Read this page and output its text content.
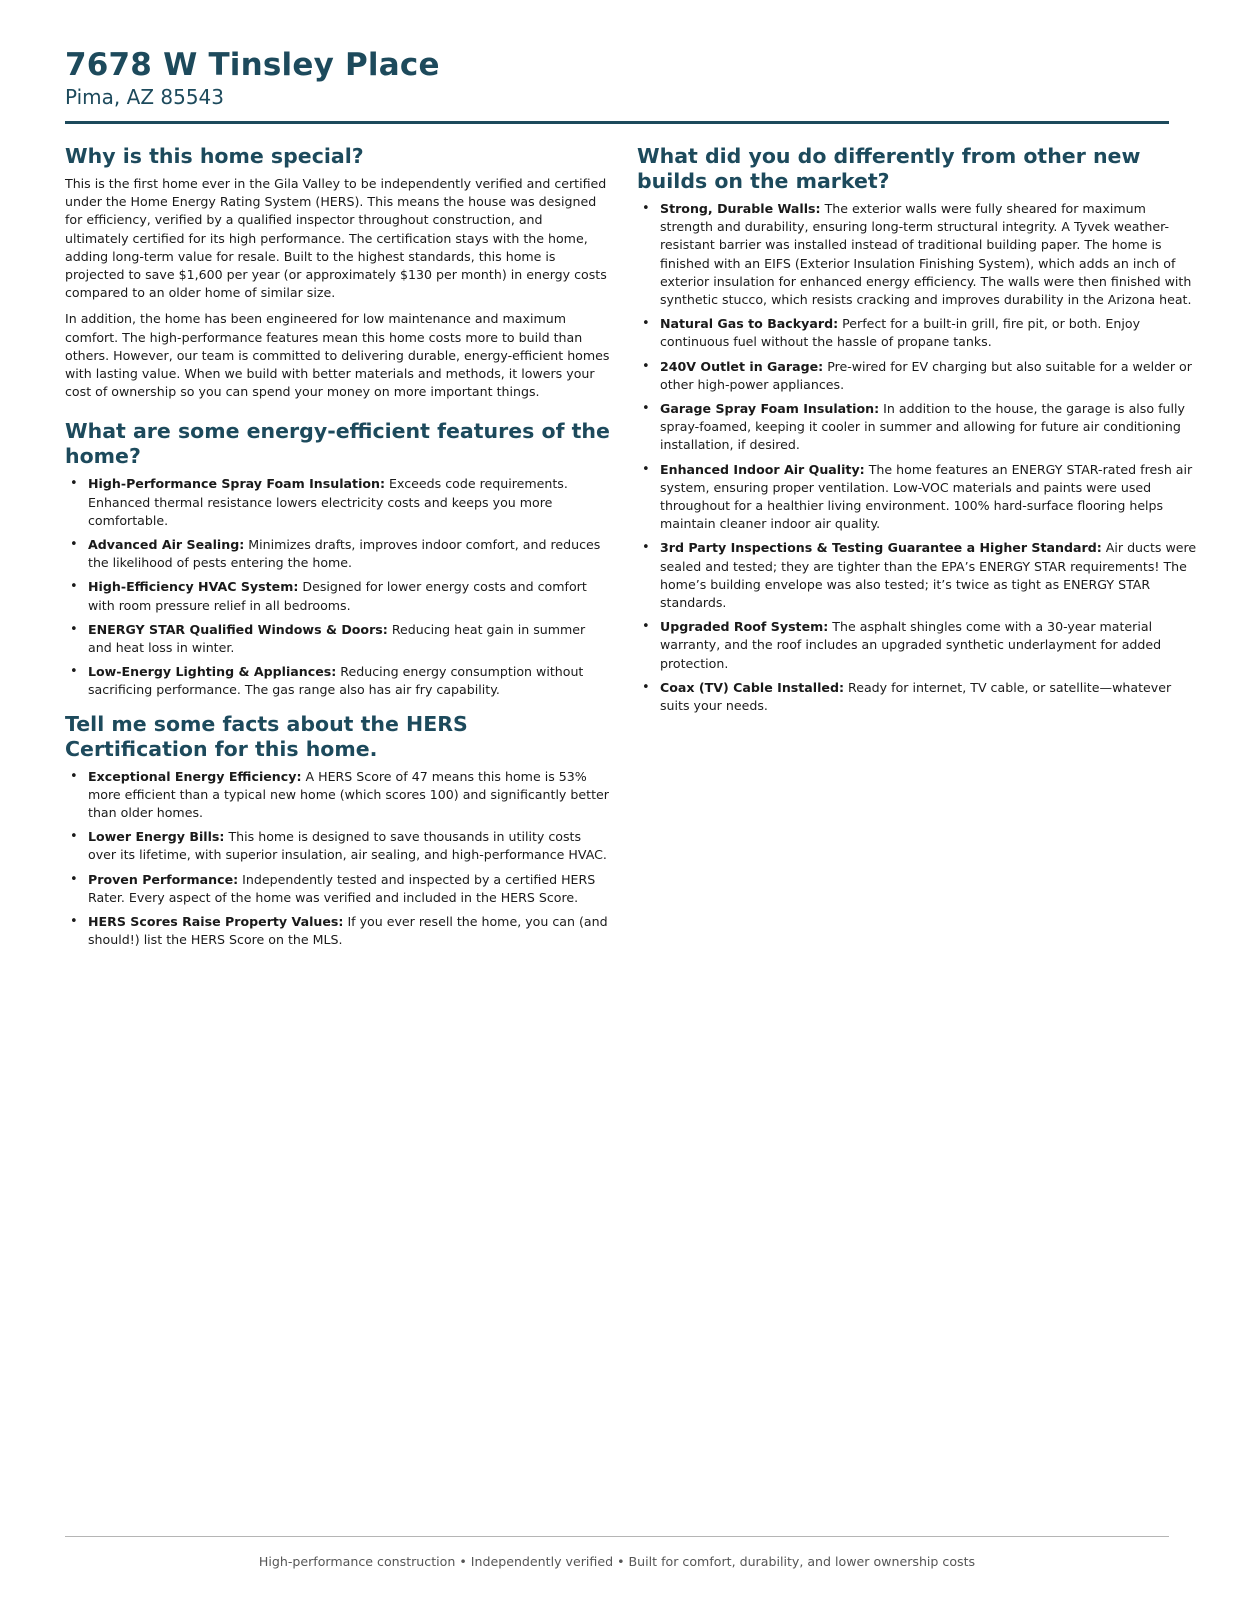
7678 W Tinsley Place
Pima, AZ 85543
Why is this home special?

This is the first home ever in the Gila Valley to be independently verified and certified under the Home Energy Rating System (HERS). This means the house was designed for efficiency, verified by a qualified inspector throughout construction, and ultimately certified for its high performance. The certification stays with the home, adding long-term value for resale. Built to the highest standards, this home is projected to save $1,600 per year (or approximately $130 per month) in energy costs compared to an older home of similar size.

In addition, the home has been engineered for low maintenance and maximum comfort. The high-performance features mean this home costs more to build than others. However, our team is committed to delivering durable, energy-efficient homes with lasting value. When we build with better materials and methods, it lowers your cost of ownership so you can spend your money on more important things.

What are some energy-efficient features of the home?
• High-Performance Spray Foam Insulation: Exceeds code requirements. Enhanced thermal resistance lowers electricity costs and keeps you more comfortable.
• Advanced Air Sealing: Minimizes drafts, improves indoor comfort, and reduces the likelihood of pests entering the home.
• High-Efficiency HVAC System: Designed for lower energy costs and comfort with room pressure relief in all bedrooms.
• ENERGY STAR Qualified Windows & Doors: Reducing heat gain in summer and heat loss in winter.
• Low-Energy Lighting & Appliances: Reducing energy consumption without sacrificing performance. The gas range also has air fry capability.
Tell me some facts about the HERS Certification for this home.
• Exceptional Energy Efficiency: A HERS Score of 47 means this home is 53% more efficient than a typical new home (which scores 100) and significantly better than older homes.
• Lower Energy Bills: This home is designed to save thousands in utility costs over its lifetime, with superior insulation, air sealing, and high-performance HVAC.
• Proven Performance: Independently tested and inspected by a certified HERS Rater. Every aspect of the home was verified and included in the HERS Score.
• HERS Scores Raise Property Values: If you ever resell the home, you can (and should!) list the HERS Score on the MLS.
What did you do differently from other new builds on the market?
• Strong, Durable Walls: The exterior walls were fully sheared for maximum strength and durability, ensuring long-term structural integrity. A Tyvek weather-resistant barrier was installed instead of traditional building paper. The home is finished with an EIFS (Exterior Insulation Finishing System), which adds an inch of exterior insulation for enhanced energy efficiency. The walls were then finished with synthetic stucco, which resists cracking and improves durability in the Arizona heat.
• Natural Gas to Backyard: Perfect for a built-in grill, fire pit, or both. Enjoy continuous fuel without the hassle of propane tanks.
• 240V Outlet in Garage: Pre-wired for EV charging but also suitable for a welder or other high-power appliances.
• Garage Spray Foam Insulation: In addition to the house, the garage is also fully spray-foamed, keeping it cooler in summer and allowing for future air conditioning installation, if desired.
• Enhanced Indoor Air Quality: The home features an ENERGY STAR-rated fresh air system, ensuring proper ventilation. Low-VOC materials and paints were used throughout for a healthier living environment. 100% hard-surface flooring helps maintain cleaner indoor air quality.
• 3rd Party Inspections & Testing Guarantee a Higher Standard: Air ducts were sealed and tested; they are tighter than the EPA’s ENERGY STAR requirements! The home’s building envelope was also tested; it’s twice as tight as ENERGY STAR standards.
• Upgraded Roof System: The asphalt shingles come with a 30-year material warranty, and the roof includes an upgraded synthetic underlayment for added protection.
• Coax (TV) Cable Installed: Ready for internet, TV cable, or satellite—whatever suits your needs.
High-performance construction • Independently verified • Built for comfort, durability, and lower ownership costs
